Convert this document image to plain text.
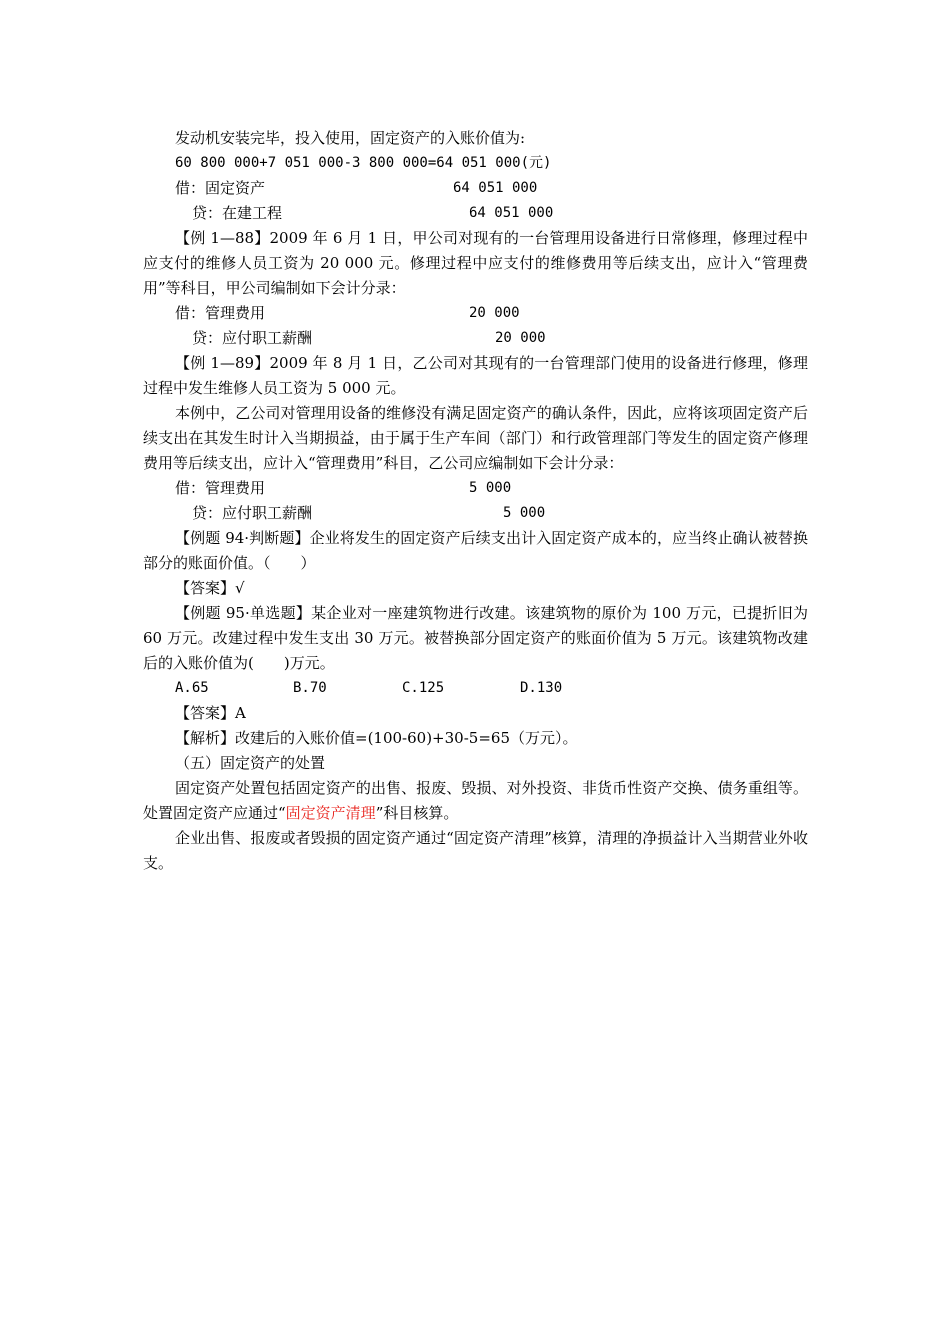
发动机安装完毕，投入使用，固定资产的入账价值为:

60 800 000+7 051 000-3 800 000=64 051 000(元)

借：固定资产	64 051 000
贷：在建工程	64 051 000

【例 1—88】2009 年 6 月 1 日，甲公司对现有的一台管理用设备进行日常修理，修理过程中应支付的维修人员工资为 20 000 元。修理过程中应支付的维修费用等后续支出，应计入“管理费用”等科目，甲公司编制如下会计分录：

借：管理费用	20 000
贷：应付职工薪酬	20 000

【例 1—89】2009 年 8 月 1 日，乙公司对其现有的一台管理部门使用的设备进行修理，修理过程中发生维修人员工资为 5 000 元。

本例中，乙公司对管理用设备的维修没有满足固定资产的确认条件，因此，应将该项固定资产后续支出在其发生时计入当期损益，由于属于生产车间（部门）和行政管理部门等发生的固定资产修理费用等后续支出，应计入“管理费用”科目，乙公司应编制如下会计分录：

借：管理费用	5 000
贷：应付职工薪酬	5 000

【例题 94·判断题】企业将发生的固定资产后续支出计入固定资产成本的，应当终止确认被替换部分的账面价值。（　　）

【答案】√

【例题 95·单选题】某企业对一座建筑物进行改建。该建筑物的原价为 100 万元，已提折旧为 60 万元。改建过程中发生支出 30 万元。被替换部分固定资产的账面价值为 5 万元。该建筑物改建后的入账价值为(　　)万元。

A.65	B.70	C.125	D.130

【答案】A

【解析】改建后的入账价值=(100-60)+30-5=65（万元）。

（五）固定资产的处置

固定资产处置包括固定资产的出售、报废、毁损、对外投资、非货币性资产交换、债务重组等。处置固定资产应通过“固定资产清理”科目核算。

企业出售、报废或者毁损的固定资产通过“固定资产清理”核算，清理的净损益计入当期营业外收支。
